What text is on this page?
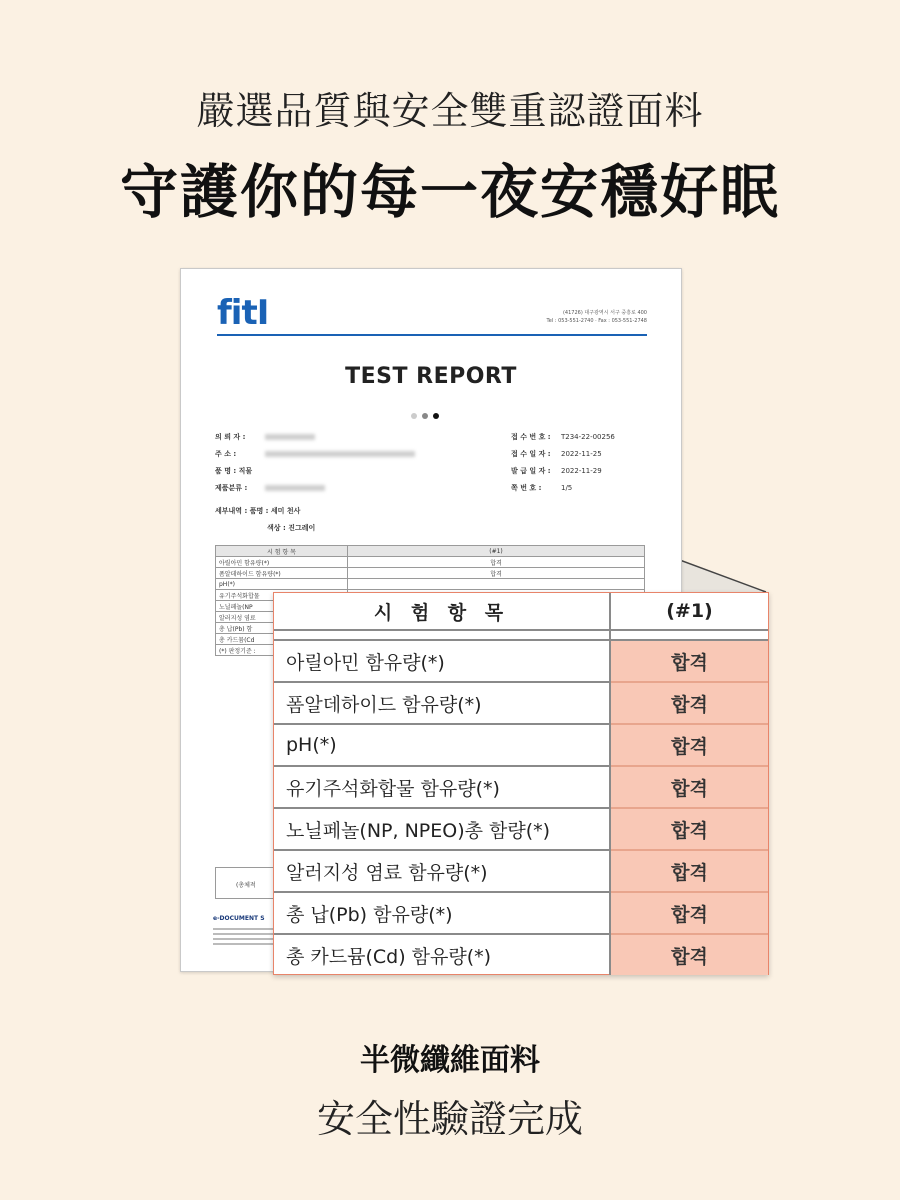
嚴選品質與安全雙重認證面料
守護你的每一夜安穩好眠
fitI	(41726) 대구광역시 서구 중흥로 400
Tel : 053-551-2740 · Fax : 053-551-2748
TEST REPORT
의 뢰 자 :
주 소 :
품 명 : 직물
제품분류 :
세부내역 : 품명 : 세미 천사
색상 : 진그레이
접 수 번 호 : T234-22-00256
접 수 일 자 : 2022-11-25
발 급 일 자 : 2022-11-29
쪽 번 호 :	1/5
시 험 항 목	(#1)
아릴아민 함유량(*)	합격
폼알데하이드 함유량(*)	합격
pH(*)	
유기주석화합물	
노닐페놀(NP	
알러지성 염료	
총 납(Pb) 함	
총 카드뮴(Cd	
(*) 판정기준 :	
(총체적
e-DOCUMENT S
시 험 항 목	(#1)

아릴아민 함유량(*)	합격
폼알데하이드 함유량(*)	합격
pH(*)	합격
유기주석화합물 함유량(*)	합격
노닐페놀(NP, NPEO)총 함량(*)	합격
알러지성 염료 함유량(*)	합격
총 납(Pb) 함유량(*)	합격
총 카드뮴(Cd) 함유량(*)	합격
半微纖維面料
安全性驗證完成
